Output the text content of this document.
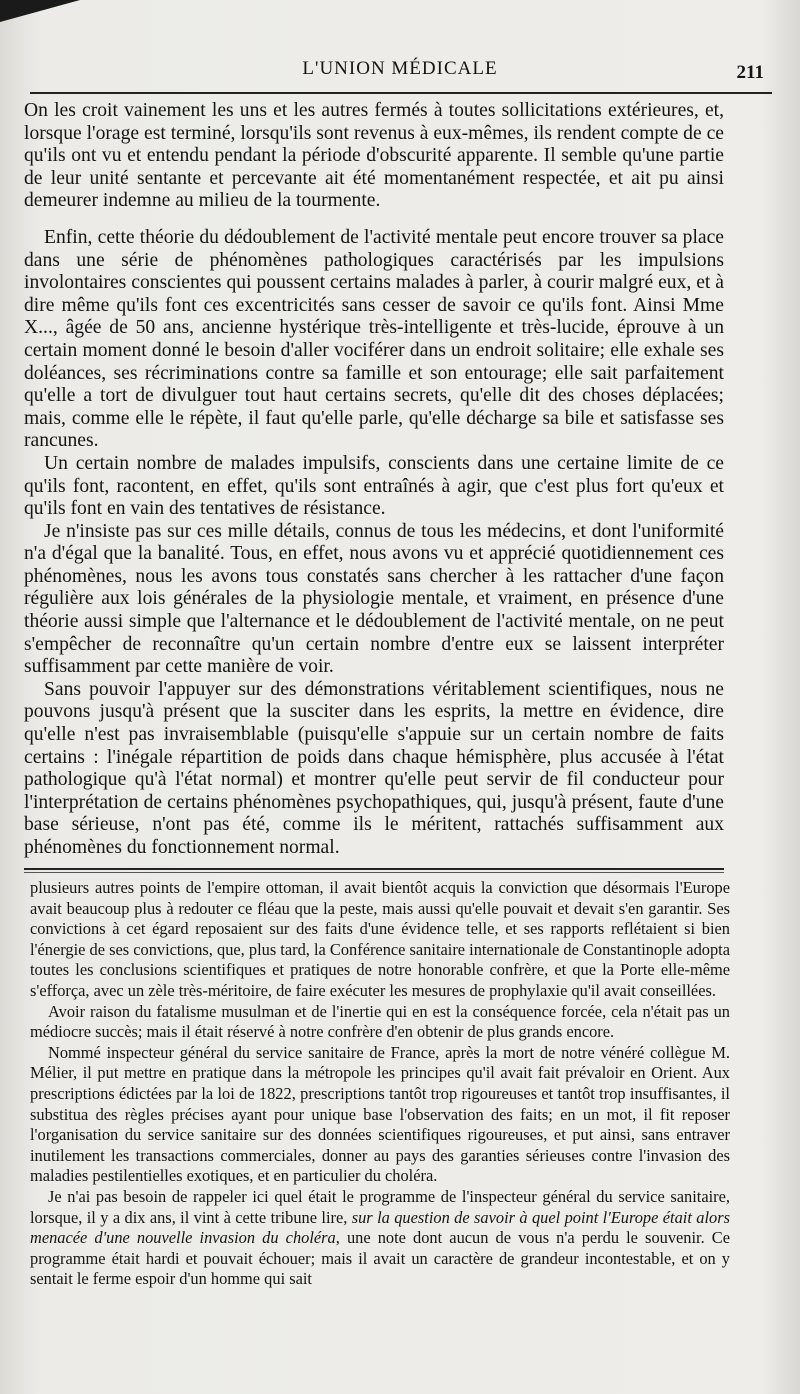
L'UNION MÉDICALE	211

On les croit vainement les uns et les autres fermés à toutes sollicitations extérieures, et, lorsque l'orage est terminé, lorsqu'ils sont revenus à eux-mêmes, ils rendent compte de ce qu'ils ont vu et entendu pendant la période d'obscurité apparente. Il semble qu'une partie de leur unité sentante et percevante ait été momentanément respectée, et ait pu ainsi demeurer indemne au milieu de la tourmente.

Enfin, cette théorie du dédoublement de l'activité mentale peut encore trouver sa place dans une série de phénomènes pathologiques caractérisés par les impulsions involontaires conscientes qui poussent certains malades à parler, à courir malgré eux, et à dire même qu'ils font ces excentricités sans cesser de savoir ce qu'ils font. Ainsi Mme X..., âgée de 50 ans, ancienne hystérique très-intelligente et très-lucide, éprouve à un certain moment donné le besoin d'aller vociférer dans un endroit solitaire; elle exhale ses doléances, ses récriminations contre sa famille et son entourage; elle sait parfaitement qu'elle a tort de divulguer tout haut certains secrets, qu'elle dit des choses déplacées; mais, comme elle le répète, il faut qu'elle parle, qu'elle décharge sa bile et satisfasse ses rancunes.

Un certain nombre de malades impulsifs, conscients dans une certaine limite de ce qu'ils font, racontent, en effet, qu'ils sont entraînés à agir, que c'est plus fort qu'eux et qu'ils font en vain des tentatives de résistance.

Je n'insiste pas sur ces mille détails, connus de tous les médecins, et dont l'uniformité n'a d'égal que la banalité. Tous, en effet, nous avons vu et apprécié quotidiennement ces phénomènes, nous les avons tous constatés sans chercher à les rattacher d'une façon régulière aux lois générales de la physiologie mentale, et vraiment, en présence d'une théorie aussi simple que l'alternance et le dédoublement de l'activité mentale, on ne peut s'empêcher de reconnaître qu'un certain nombre d'entre eux se laissent interpréter suffisamment par cette manière de voir.

Sans pouvoir l'appuyer sur des démonstrations véritablement scientifiques, nous ne pouvons jusqu'à présent que la susciter dans les esprits, la mettre en évidence, dire qu'elle n'est pas invraisemblable (puisqu'elle s'appuie sur un certain nombre de faits certains : l'inégale répartition de poids dans chaque hémisphère, plus accusée à l'état pathologique qu'à l'état normal) et montrer qu'elle peut servir de fil conducteur pour l'interprétation de certains phénomènes psychopathiques, qui, jusqu'à présent, faute d'une base sérieuse, n'ont pas été, comme ils le méritent, rattachés suffisamment aux phénomènes du fonctionnement normal.

plusieurs autres points de l'empire ottoman, il avait bientôt acquis la conviction que désormais l'Europe avait beaucoup plus à redouter ce fléau que la peste, mais aussi qu'elle pouvait et devait s'en garantir. Ses convictions à cet égard reposaient sur des faits d'une évidence telle, et ses rapports reflétaient si bien l'énergie de ses convictions, que, plus tard, la Conférence sanitaire internationale de Constantinople adopta toutes les conclusions scientifiques et pratiques de notre honorable confrère, et que la Porte elle-même s'efforça, avec un zèle très-méritoire, de faire exécuter les mesures de prophylaxie qu'il avait conseillées.

Avoir raison du fatalisme musulman et de l'inertie qui en est la conséquence forcée, cela n'était pas un médiocre succès; mais il était réservé à notre confrère d'en obtenir de plus grands encore.

Nommé inspecteur général du service sanitaire de France, après la mort de notre vénéré collègue M. Mélier, il put mettre en pratique dans la métropole les principes qu'il avait fait prévaloir en Orient. Aux prescriptions édictées par la loi de 1822, prescriptions tantôt trop rigoureuses et tantôt trop insuffisantes, il substitua des règles précises ayant pour unique base l'observation des faits; en un mot, il fit reposer l'organisation du service sanitaire sur des données scientifiques rigoureuses, et put ainsi, sans entraver inutilement les transactions commerciales, donner au pays des garanties sérieuses contre l'invasion des maladies pestilentielles exotiques, et en particulier du choléra.

Je n'ai pas besoin de rappeler ici quel était le programme de l'inspecteur général du service sanitaire, lorsque, il y a dix ans, il vint à cette tribune lire, sur la question de savoir à quel point l'Europe était alors menacée d'une nouvelle invasion du choléra, une note dont aucun de vous n'a perdu le souvenir. Ce programme était hardi et pouvait échouer; mais il avait un caractère de grandeur incontestable, et on y sentait le ferme espoir d'un homme qui sait
